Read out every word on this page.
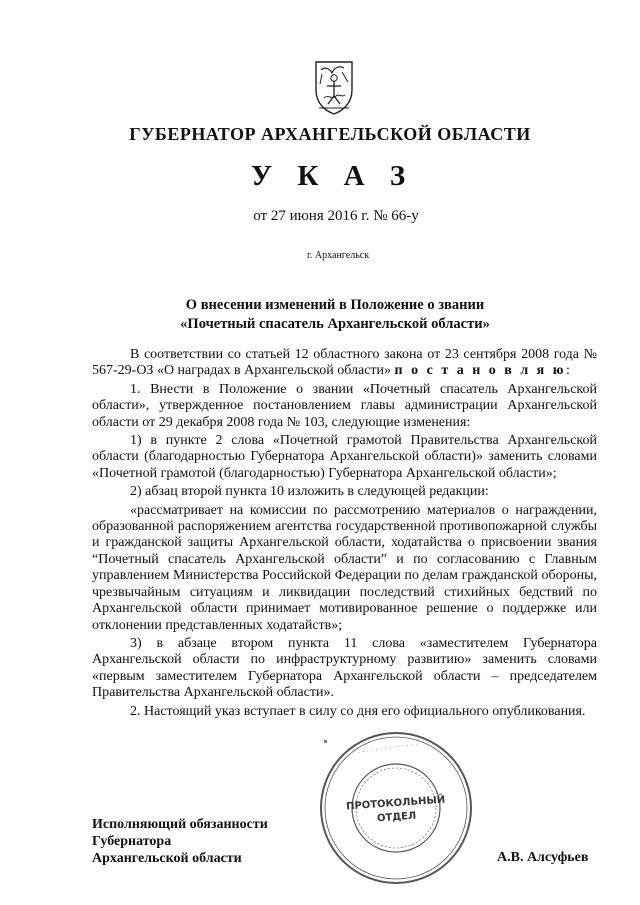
ГУБЕРНАТОР АРХАНГЕЛЬСКОЙ ОБЛАСТИ
У К А З
от 27 июня 2016 г. № 66-у
г. Архангельск
О внесении изменений в Положение о звании
«Почетный спасатель Архангельской области»

В соответствии со статьей 12 областного закона от 23 сентября 2008 года № 567-29-ОЗ «О наградах в Архангельской области» п о с т а н о в л я ю:

1. Внести в Положение о звании «Почетный спасатель Архангельской области», утвержденное постановлением главы администрации Архангельской области от 29 декабря 2008 года № 103, следующие изменения:

1) в пункте 2 слова «Почетной грамотой Правительства Архангельской области (благодарностью Губернатора Архангельской области)» заменить словами «Почетной грамотой (благодарностью) Губернатора Архангельской области»;

2) абзац второй пункта 10 изложить в следующей редакции:

«рассматривает на комиссии по рассмотрению материалов о награждении, образованной распоряжением агентства государственной противопожарной службы и гражданской защиты Архангельской области, ходатайства о присвоении звания “Почетный спасатель Архангельской области” и по согласованию с Главным управлением Министерства Российской Федерации по делам гражданской обороны, чрезвычайным ситуациям и ликвидации последствий стихийных бедствий по Архангельской области принимает мотивированное решение о поддержке или отклонении представленных ходатайств»;

3) в абзаце втором пункта 11 слова «заместителем Губернатора Архангельской области по инфраструктурному развитию» заменить словами «первым заместителем Губернатора Архангельской области – председателем Правительства Архангельской области».

2. Настоящий указ вступает в силу со дня его официального опубликования.

Исполняющий обязанности
Губернатора
Архангельской области	А.В. Алсуфьев
· · · · · · · · · · · · · ·
ПРОТОКОЛЬНЫЙ
ОТДЕЛ
